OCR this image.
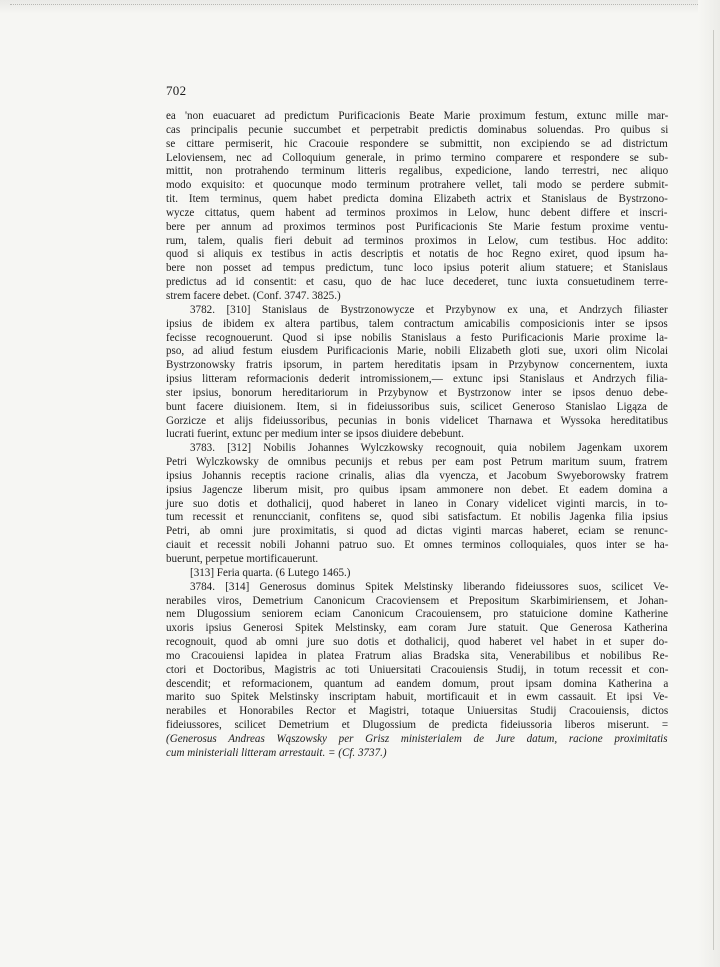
702
ea 'non euacuaret ad predictum Purificacionis Beate Marie proximum festum, extunc mille mar-
cas principalis pecunie succumbet et perpetrabit predictis dominabus soluendas. Pro quibus si
se cittare permiserit, hic Cracouie respondere se submittit, non excipiendo se ad districtum
Leloviensem, nec ad Colloquium generale, in primo termino comparere et respondere se sub-
mittit, non protrahendo terminum litteris regalibus, expedicione, lando terrestri, nec aliquo
modo exquisito: et quocunque modo terminum protrahere vellet, tali modo se perdere submit-
tit. Item terminus, quem habet predicta domina Elizabeth actrix et Stanislaus de Bystrzono-
wycze cittatus, quem habent ad terminos proximos in Lelow, hunc debent differe et inscri-
bere per annum ad proximos terminos post Purificacionis Ste Marie festum proxime ventu-
rum, talem, qualis fieri debuit ad terminos proximos in Lelow, cum testibus. Hoc addito:
quod si aliquis ex testibus in actis descriptis et notatis de hoc Regno exiret, quod ipsum ha-
bere non posset ad tempus predictum, tunc loco ipsius poterit alium statuere; et Stanislaus
predictus ad id consentit: et casu, quo de hac luce decederet, tunc iuxta consuetudinem terre-
strem facere debet. (Conf. 3747. 3825.)
3782. [310] Stanislaus de Bystrzonowycze et Przybynow ex una, et Andrzych filiaster
ipsius de ibidem ex altera partibus, talem contractum amicabilis composicionis inter se ipsos
fecisse recognouerunt. Quod si ipse nobilis Stanislaus a festo Purificacionis Marie proxime la-
pso, ad aliud festum eiusdem Purificacionis Marie, nobili Elizabeth gloti sue, uxori olim Nicolai
Bystrzonowsky fratris ipsorum, in partem hereditatis ipsam in Przybynow concernentem, iuxta
ipsius litteram reformacionis dederit intromissionem,— extunc ipsi Stanislaus et Andrzych filia-
ster ipsius, bonorum hereditariorum in Przybynow et Bystrzonow inter se ipsos denuo debe-
bunt facere diuisionem. Item, si in fideiussoribus suis, scilicet Generoso Stanislao Ligąza de
Gorzicze et alijs fideiussoribus, pecunias in bonis videlicet Tharnawa et Wyssoka hereditatibus
lucrati fuerint, extunc per medium inter se ipsos diuidere debebunt.
3783. [312] Nobilis Johannes Wylczkowsky recognouit, quia nobilem Jagenkam uxorem
Petri Wylczkowsky de omnibus pecunijs et rebus per eam post Petrum maritum suum, fratrem
ipsius Johannis receptis racione crinalis, alias dla vyencza, et Jacobum Swyeborowsky fratrem
ipsius Jagencze liberum misit, pro quibus ipsam ammonere non debet. Et eadem domina a
jure suo dotis et dothalicij, quod haberet in laneo in Conary videlicet viginti marcis, in to-
tum recessit et renunccianit, confitens se, quod sibi satisfactum. Et nobilis Jagenka filia ipsius
Petri, ab omni jure proximitatis, si quod ad dictas viginti marcas haberet, eciam se renunc-
ciauit et recessit nobili Johanni patruo suo. Et omnes terminos colloquiales, quos inter se ha-
buerunt, perpetue mortificauerunt.
[313] Feria quarta. (6 Lutego 1465.)
3784. [314] Generosus dominus Spitek Melstinsky liberando fideiussores suos, scilicet Ve-
nerabiles viros, Demetrium Canonicum Cracoviensem et Prepositum Skarbimiriensem, et Johan-
nem Dlugossium seniorem eciam Canonicum Cracouiensem, pro statuicione domine Katherine
uxoris ipsius Generosi Spitek Melstinsky, eam coram Jure statuit. Que Generosa Katherina
recognouit, quod ab omni jure suo dotis et dothalicij, quod haberet vel habet in et super do-
mo Cracouiensi lapidea in platea Fratrum alias Bradska sita, Venerabilibus et nobilibus Re-
ctori et Doctoribus, Magistris ac toti Uniuersitati Cracouiensis Studij, in totum recessit et con-
descendit; et reformacionem, quantum ad eandem domum, prout ipsam domina Katherina a
marito suo Spitek Melstinsky inscriptam habuit, mortificauit et in ewm cassauit. Et ipsi Ve-
nerabiles et Honorabiles Rector et Magistri, totaque Uniuersitas Studij Cracouiensis, dictos
fideiussores, scilicet Demetrium et Dlugossium de predicta fideiussoria liberos miserunt. =
(Generosus Andreas Wąszowsky per Grisz ministerialem de Jure datum, racione proximitatis
cum ministeriali litteram arrestauit. = (Cf. 3737.)
